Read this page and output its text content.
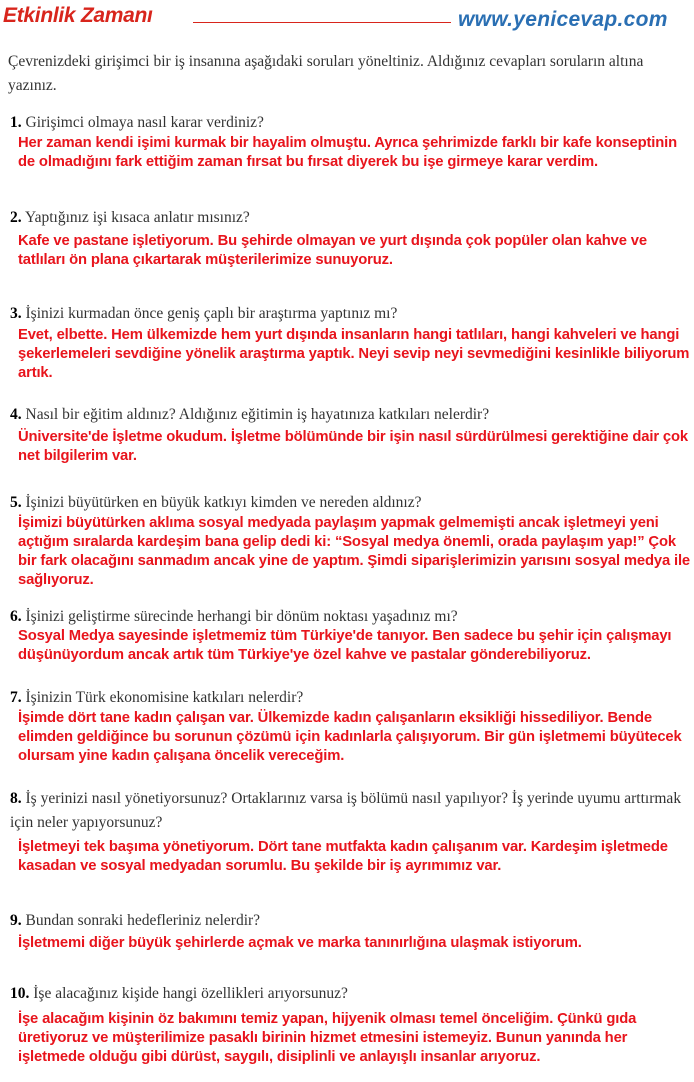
Etkinlik Zamanı	www.yenicevap.com
Çevrenizdeki girişimci bir iş insanına aşağıdaki soruları yöneltiniz. Aldığınız cevapları soruların altına yazınız.
1. Girişimci olmaya nasıl karar verdiniz?
Her zaman kendi işimi kurmak bir hayalim olmuştu. Ayrıca şehrimizde farklı bir kafe konseptinin de olmadığını fark ettiğim zaman fırsat bu fırsat diyerek bu işe girmeye karar verdim.
2. Yaptığınız işi kısaca anlatır mısınız?
Kafe ve pastane işletiyorum. Bu şehirde olmayan ve yurt dışında çok popüler olan kahve ve tatlıları ön plana çıkartarak müşterilerimize sunuyoruz.
3. İşinizi kurmadan önce geniş çaplı bir araştırma yaptınız mı?
Evet, elbette. Hem ülkemizde hem yurt dışında insanların hangi tatlıları, hangi kahveleri ve hangi şekerlemeleri sevdiğine yönelik araştırma yaptık. Neyi sevip neyi sevmediğini kesinlikle biliyorum artık.
4. Nasıl bir eğitim aldınız? Aldığınız eğitimin iş hayatınıza katkıları nelerdir?
Üniversite'de İşletme okudum. İşletme bölümünde bir işin nasıl sürdürülmesi gerektiğine dair çok net bilgilerim var.
5. İşinizi büyütürken en büyük katkıyı kimden ve nereden aldınız?
İşimizi büyütürken aklıma sosyal medyada paylaşım yapmak gelmemişti ancak işletmeyi yeni açtığım sıralarda kardeşim bana gelip dedi ki: “Sosyal medya önemli, orada paylaşım yap!” Çok bir fark olacağını sanmadım ancak yine de yaptım. Şimdi siparişlerimizin yarısını sosyal medya ile sağlıyoruz.
6. İşinizi geliştirme sürecinde herhangi bir dönüm noktası yaşadınız mı?
Sosyal Medya sayesinde işletmemiz tüm Türkiye'de tanıyor. Ben sadece bu şehir için çalışmayı düşünüyordum ancak artık tüm Türkiye'ye özel kahve ve pastalar gönderebiliyoruz.
7. İşinizin Türk ekonomisine katkıları nelerdir?
İşimde dört tane kadın çalışan var. Ülkemizde kadın çalışanların eksikliği hissediliyor. Bende elimden geldiğince bu sorunun çözümü için kadınlarla çalışıyorum. Bir gün işletmemi büyütecek olursam yine kadın çalışana öncelik vereceğim.
8. İş yerinizi nasıl yönetiyorsunuz? Ortaklarınız varsa iş bölümü nasıl yapılıyor? İş yerinde uyumu arttırmak için neler yapıyorsunuz?
İşletmeyi tek başıma yönetiyorum. Dört tane mutfakta kadın çalışanım var. Kardeşim işletmede kasadan ve sosyal medyadan sorumlu. Bu şekilde bir iş ayrımımız var.
9. Bundan sonraki hedefleriniz nelerdir?
İşletmemi diğer büyük şehirlerde açmak ve marka tanınırlığına ulaşmak istiyorum.
10. İşe alacağınız kişide hangi özellikleri arıyorsunuz?
İşe alacağım kişinin öz bakımını temiz yapan, hijyenik olması temel önceliğim. Çünkü gıda üretiyoruz ve müşterilimize pasaklı birinin hizmet etmesini istemeyiz. Bunun yanında her işletmede olduğu gibi dürüst, saygılı, disiplinli ve anlayışlı insanlar arıyoruz.
